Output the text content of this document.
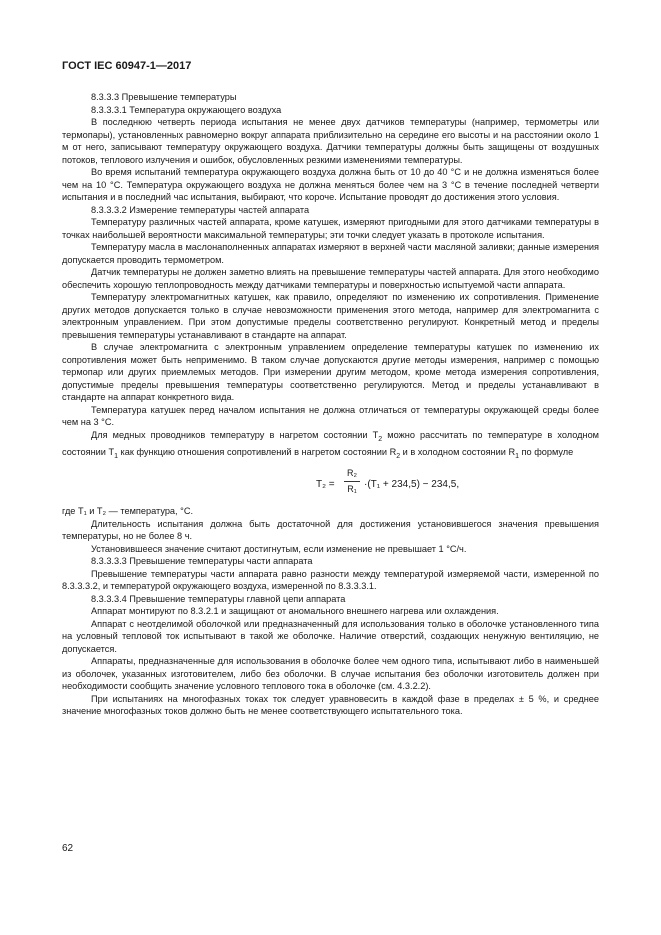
ГОСТ IEC 60947-1—2017

8.3.3.3 Превышение температуры

8.3.3.3.1 Температура окружающего воздуха

В последнюю четверть периода испытания не менее двух датчиков температуры (например, термометры или термопары), установленных равномерно вокруг аппарата приблизительно на середине его высоты и на расстоянии около 1 м от него, записывают температуру окружающего воздуха. Датчики температуры должны быть защищены от воздушных потоков, теплового излучения и ошибок, обусловленных резкими изменениями температуры.

Во время испытаний температура окружающего воздуха должна быть от 10 до 40 °С и не должна изменяться более чем на 10 °С. Температура окружающего воздуха не должна меняться более чем на 3 °С в течение последней четверти испытания и в последний час испытания, выбирают, что короче. Испытание проводят до достижения этого условия.

8.3.3.3.2 Измерение температуры частей аппарата

Температуру различных частей аппарата, кроме катушек, измеряют пригодными для этого датчиками температуры в точках наибольшей вероятности максимальной температуры; эти точки следует указать в протоколе испытания.

Температуру масла в маслонаполненных аппаратах измеряют в верхней части масляной заливки; данные измерения допускается проводить термометром.

Датчик температуры не должен заметно влиять на превышение температуры частей аппарата. Для этого необходимо обеспечить хорошую теплопроводность между датчиками температуры и поверхностью испытуемой части аппарата.

Температуру электромагнитных катушек, как правило, определяют по изменению их сопротивления. Применение других методов допускается только в случае невозможности применения этого метода, например для электромагнита с электронным управлением. При этом допустимые пределы соответственно регулируют. Конкретный метод и пределы превышения температуры устанавливают в стандарте на аппарат.

В случае электромагнита с электронным управлением определение температуры катушек по изменению их сопротивления может быть неприменимо. В таком случае допускаются другие методы измерения, например с помощью термопар или других приемлемых методов. При измерении другим методом, кроме метода измерения сопротивления, допустимые пределы превышения температуры соответственно регулируются. Метод и пределы устанавливают в стандарте на аппарат конкретного вида.

Температура катушек перед началом испытания не должна отличаться от температуры окружающей среды более чем на 3 °С.

Для медных проводников температуру в нагретом состоянии $T_2$ можно рассчитать по температуре в холодном состоянии $T_1$ как функцию отношения сопротивлений в нагретом состоянии $R_2$ и в холодном состоянии $R_1$ по формуле

$T_2 = \frac{\text{R₂}}{\text{R₁}} \cdot(T_1 + 234,5) - 234,5$,

где T₁ и T₂ — температура, °С.

Длительность испытания должна быть достаточной для достижения установившегося значения превышения температуры, но не более 8 ч.

Установившееся значение считают достигнутым, если изменение не превышает 1 °С/ч.

8.3.3.3.3 Превышение температуры части аппарата

Превышение температуры части аппарата равно разности между температурой измеряемой части, измеренной по 8.3.3.3.2, и температурой окружающего воздуха, измеренной по 8.3.3.3.1.

8.3.3.3.4 Превышение температуры главной цепи аппарата

Аппарат монтируют по 8.3.2.1 и защищают от аномального внешнего нагрева или охлаждения.

Аппарат с неотделимой оболочкой или предназначенный для использования только в оболочке установленного типа на условный тепловой ток испытывают в такой же оболочке. Наличие отверстий, создающих ненужную вентиляцию, не допускается.

Аппараты, предназначенные для использования в оболочке более чем одного типа, испытывают либо в наименьшей из оболочек, указанных изготовителем, либо без оболочки. В случае испытания без оболочки изготовитель должен при необходимости сообщить значение условного теплового тока в оболочке (см. 4.3.2.2).

При испытаниях на многофазных токах ток следует уравновесить в каждой фазе в пределах ± 5 %, и среднее значение многофазных токов должно быть не менее соответствующего испытательного тока.

62
